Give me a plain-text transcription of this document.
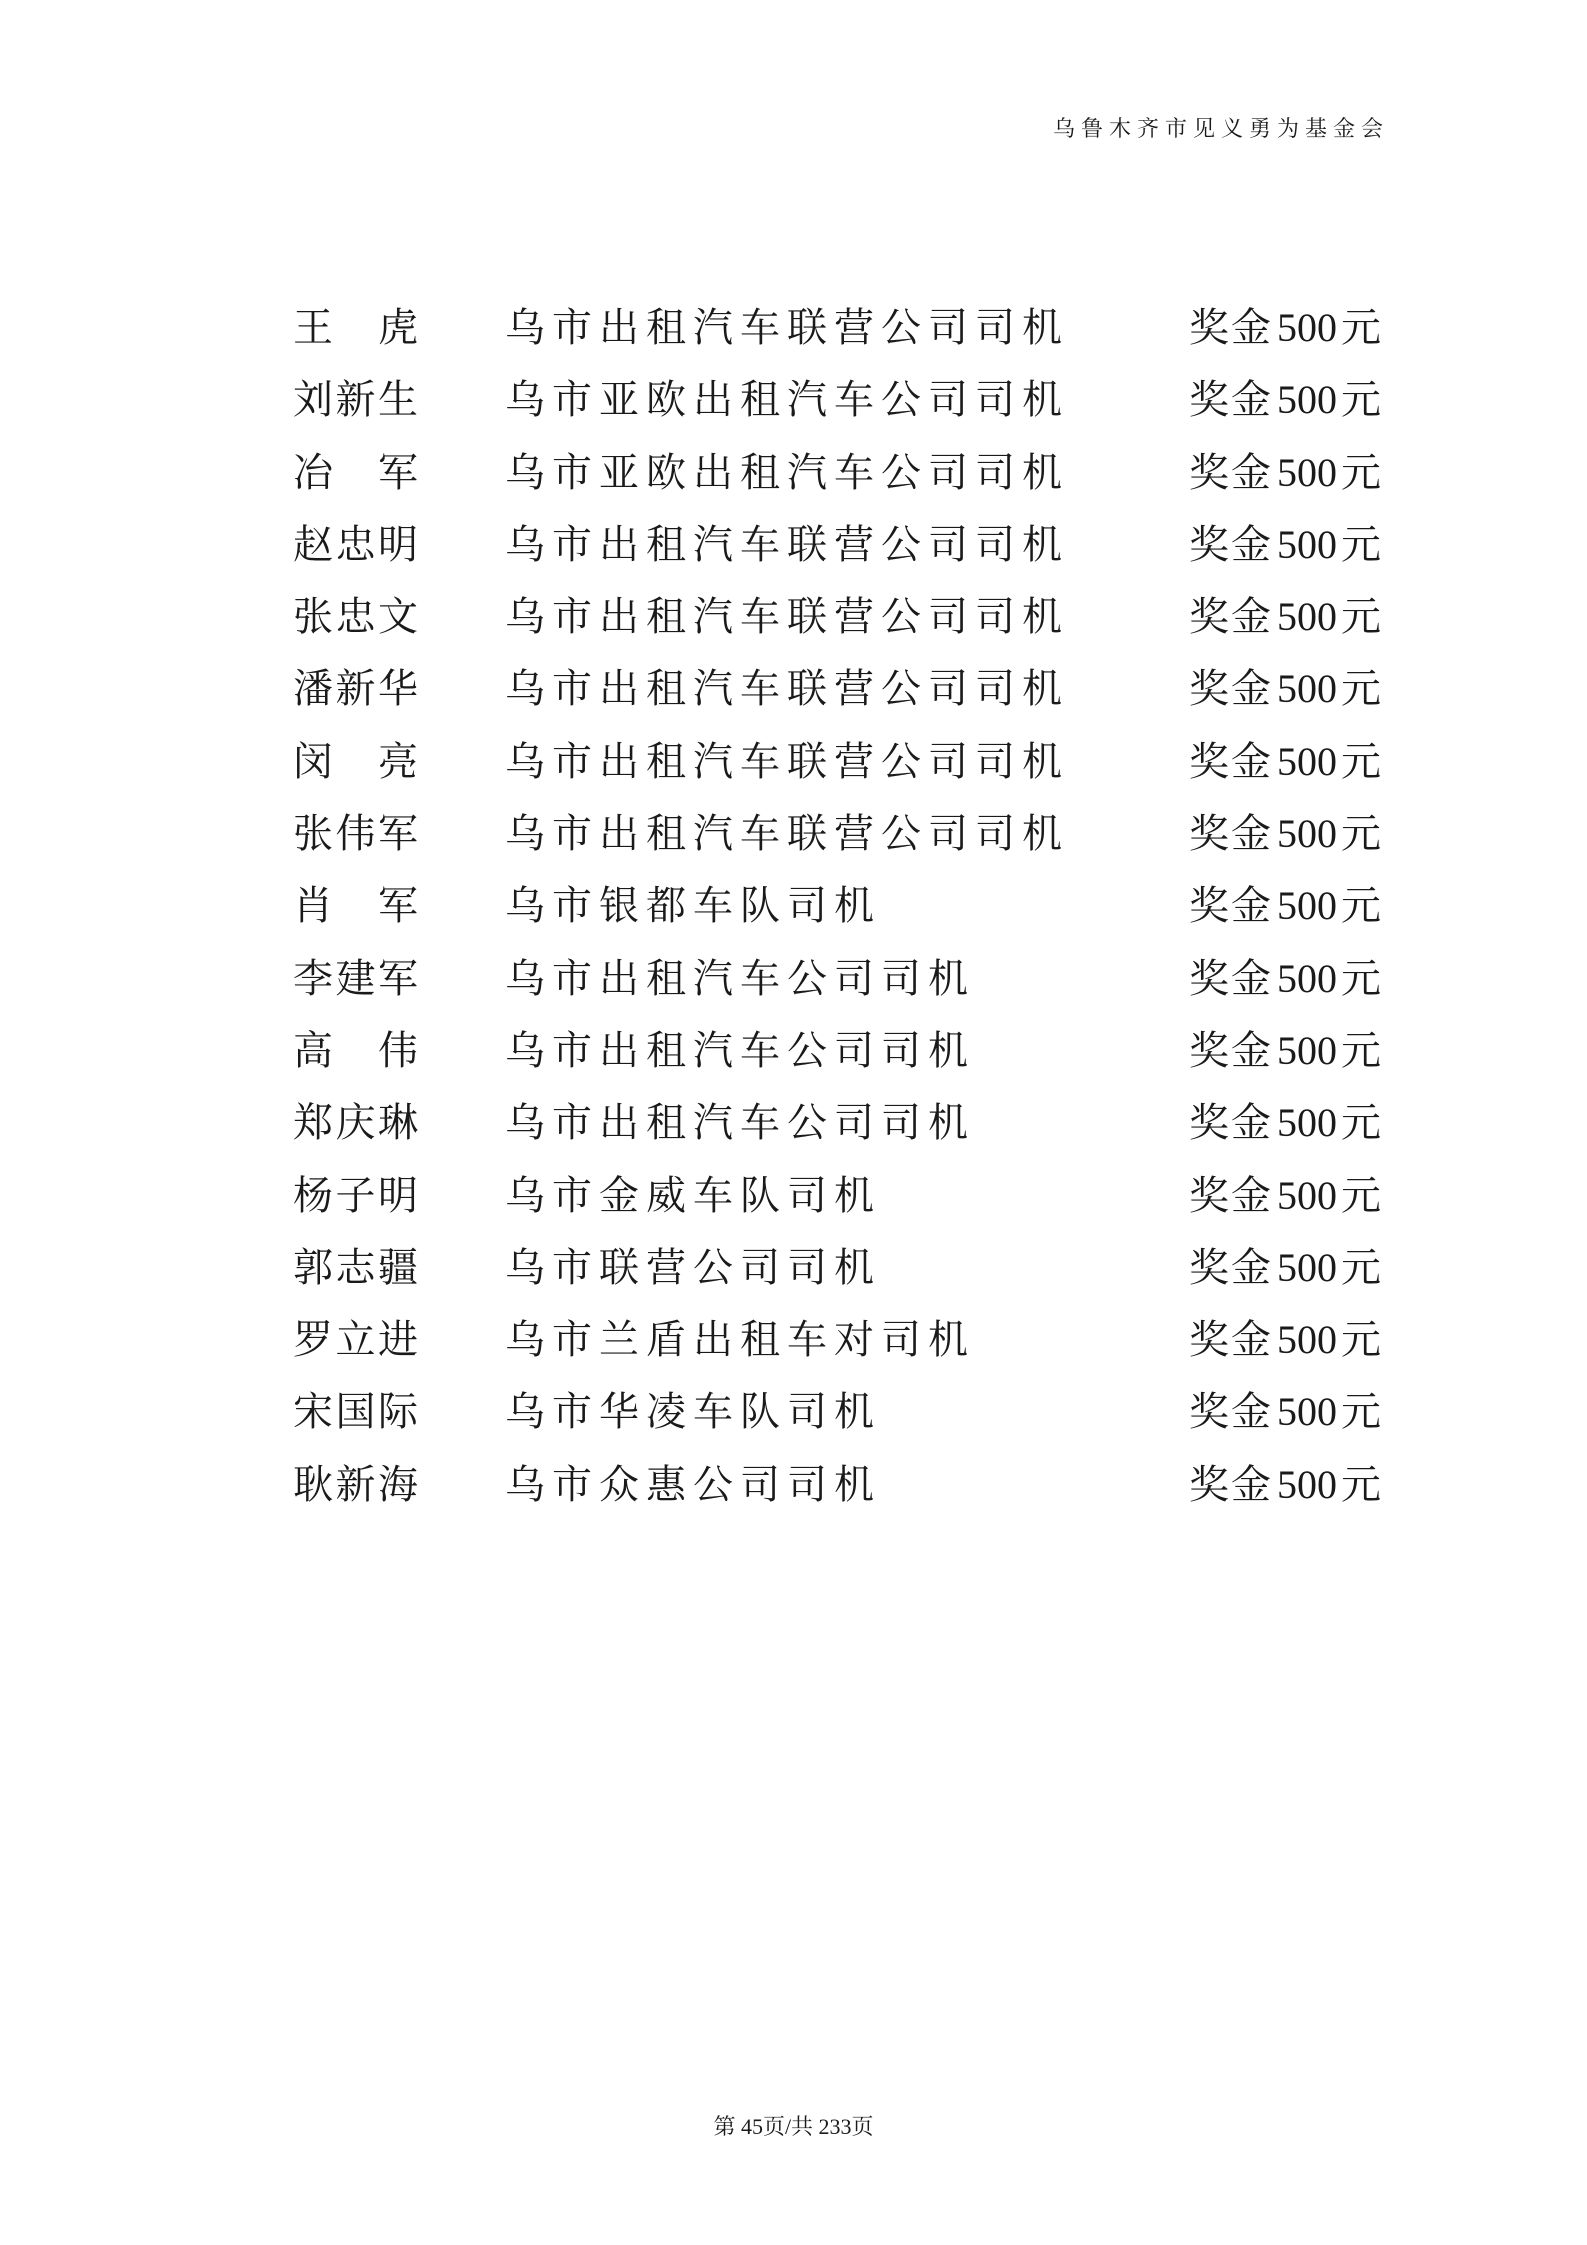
乌鲁木齐市见义勇为基金会
王 虎 乌市出租汽车联营公司司机	奖金 500 元
刘 新 生 乌市亚欧出租汽车公司司机	奖金 500 元
冶 军 乌市亚欧出租汽车公司司机	奖金 500 元
赵 忠 明 乌市出租汽车联营公司司机	奖金 500 元
张 忠 文 乌市出租汽车联营公司司机	奖金 500 元
潘 新 华 乌市出租汽车联营公司司机	奖金 500 元
闵 亮 乌市出租汽车联营公司司机	奖金 500 元
张 伟 军 乌市出租汽车联营公司司机	奖金 500 元
肖 军 乌市银都车队司机	奖金 500 元
李 建 军 乌市出租汽车公司司机	奖金 500 元
高 伟 乌市出租汽车公司司机	奖金 500 元
郑 庆 琳 乌市出租汽车公司司机	奖金 500 元
杨 子 明 乌市金威车队司机	奖金 500 元
郭 志 疆 乌市联营公司司机	奖金 500 元
罗 立 进 乌市兰盾出租车对司机	奖金 500 元
宋 国 际 乌市华凌车队司机	奖金 500 元
耿 新 海 乌市众惠公司司机	奖金 500 元
第 45页/共 233页
